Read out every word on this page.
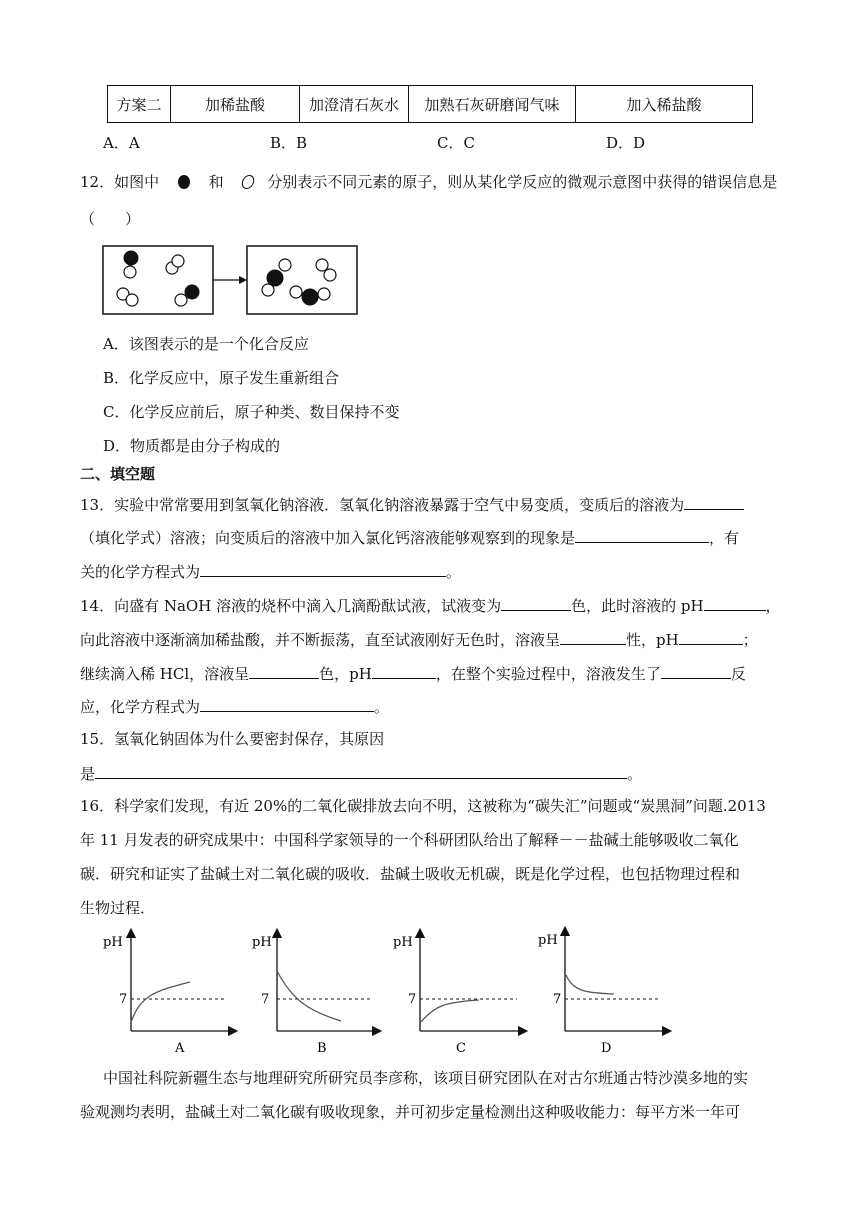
方案二	加稀盐酸	加澄清石灰水	加熟石灰研磨闻气味	加入稀盐酸
A．A	B．B	C．C	D．D
12．如图中	和	分别表示不同元素的原子，则从某化学反应的微观示意图中获得的错误信息是
（　　）
A．该图表示的是一个化合反应
B．化学反应中，原子发生重新组合
C．化学反应前后，原子种类、数目保持不变
D．物质都是由分子构成的
二、填空题
13．实验中常常要用到氢氧化钠溶液．氢氧化钠溶液暴露于空气中易变质，变质后的溶液为
（填化学式）溶液；向变质后的溶液中加入氯化钙溶液能够观察到的现象是	，有
关的化学方程式为	。
14．向盛有 NaOH 溶液的烧杯中滴入几滴酚酞试液，试液变为	色，此时溶液的 pH	，
向此溶液中逐渐滴加稀盐酸，并不断振荡，直至试液刚好无色时，溶液呈	性，pH	；
继续滴入稀 HCl，溶液呈	色，pH	，在整个实验过程中，溶液发生了	反
应，化学方程式为	。
15．氢氧化钠固体为什么要密封保存，其原因
是	。
16．科学家们发现，有近 20%的二氧化碳排放去向不明，这被称为“碳失汇”问题或“炭黑洞”问题.2013
年 11 月发表的研究成果中：中国科学家领导的一个科研团队给出了解释－－盐碱土能够吸收二氧化
碳．研究和证实了盐碱土对二氧化碳的吸收．盐碱土吸收无机碳，既是化学过程，也包括物理过程和
生物过程．
pH
7
A
pH
7
B
pH
7
C
pH
7
D
中国社科院新疆生态与地理研究所研究员李彦称，该项目研究团队在对古尔班通古特沙漠多地的实
验观测均表明，盐碱土对二氧化碳有吸收现象，并可初步定量检测出这种吸收能力：每平方米一年可
